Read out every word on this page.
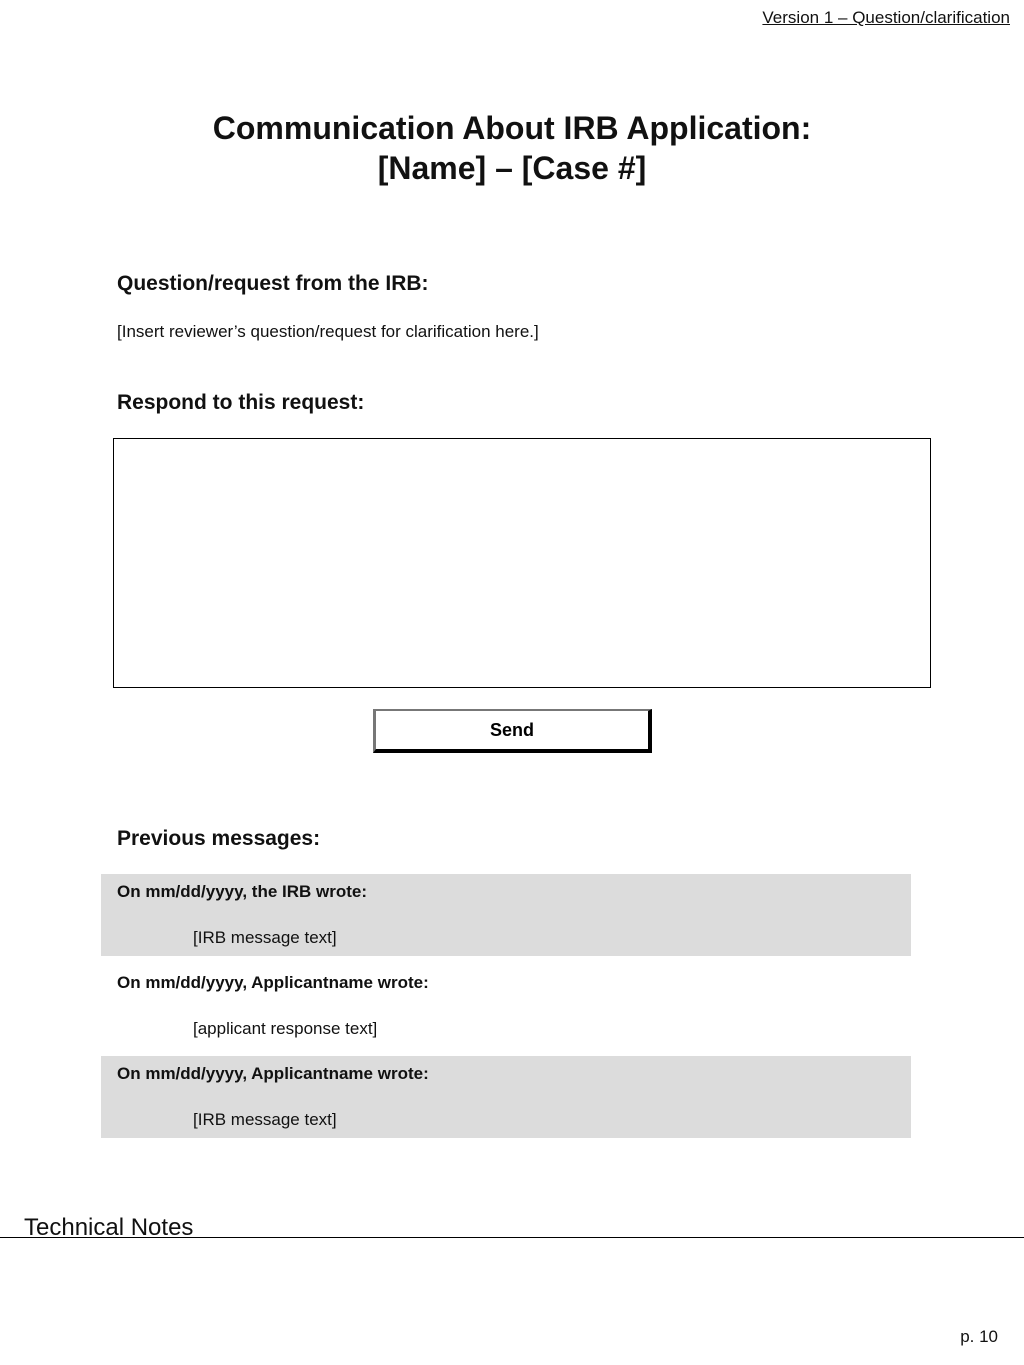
Version 1 – Question/clarification
Communication About IRB Application:
[Name] – [Case #]
Question/request from the IRB:
[Insert reviewer’s question/request for clarification here.]
Respond to this request:
Send
Previous messages:
On mm/dd/yyyy, the IRB wrote:
[IRB message text]
On mm/dd/yyyy, Applicantname wrote:
[applicant response text]
On mm/dd/yyyy, Applicantname wrote:
[IRB message text]
Technical Notes
p. 10
